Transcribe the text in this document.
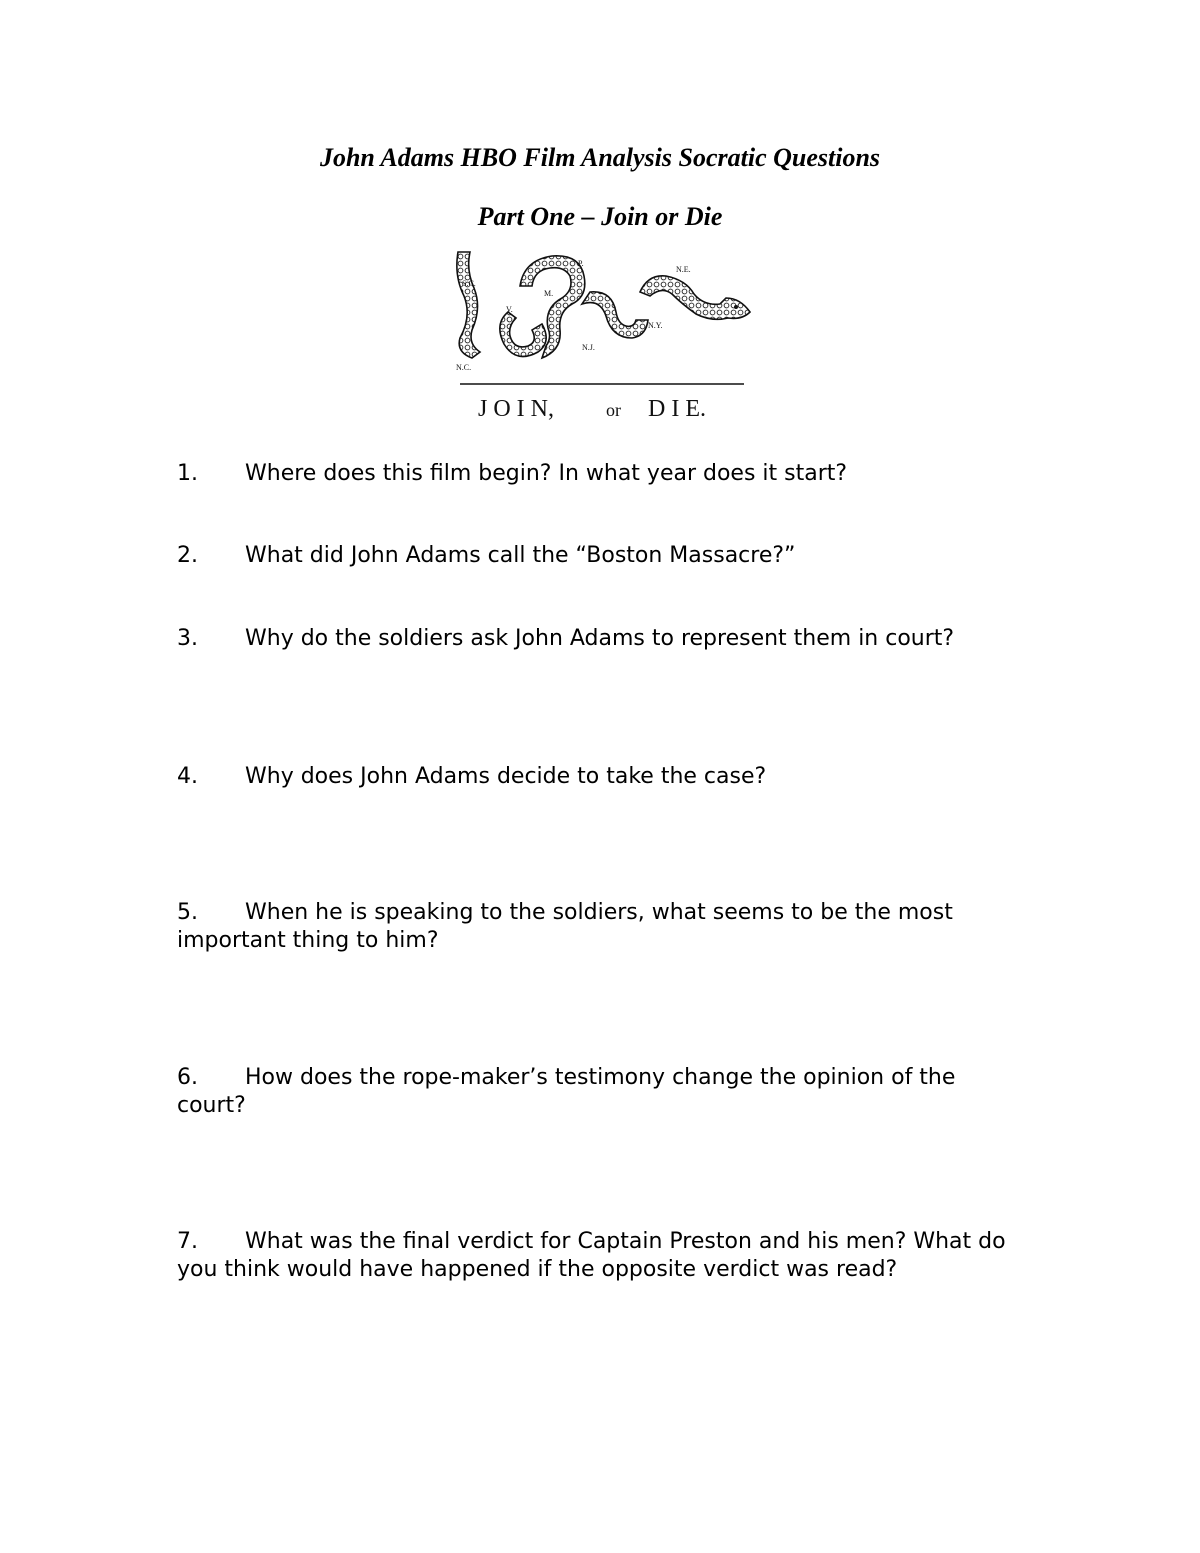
John Adams HBO Film Analysis Socratic Questions
Part One – Join or Die
S.C.
N.C.
V.
M.
P.
N.J.
N.Y.
N.E.
J O I N,	or D I E.

1. Where does this film begin? In what year does it start?

2. What did John Adams call the “Boston Massacre?”

3. Why do the soldiers ask John Adams to represent them in court?

4. Why does John Adams decide to take the case?

5. When he is speaking to the soldiers, what seems to be the most important thing to him?

6. How does the rope-maker’s testimony change the opinion of the court?

7. What was the final verdict for Captain Preston and his men? What do you think would have happened if the opposite verdict was read?
